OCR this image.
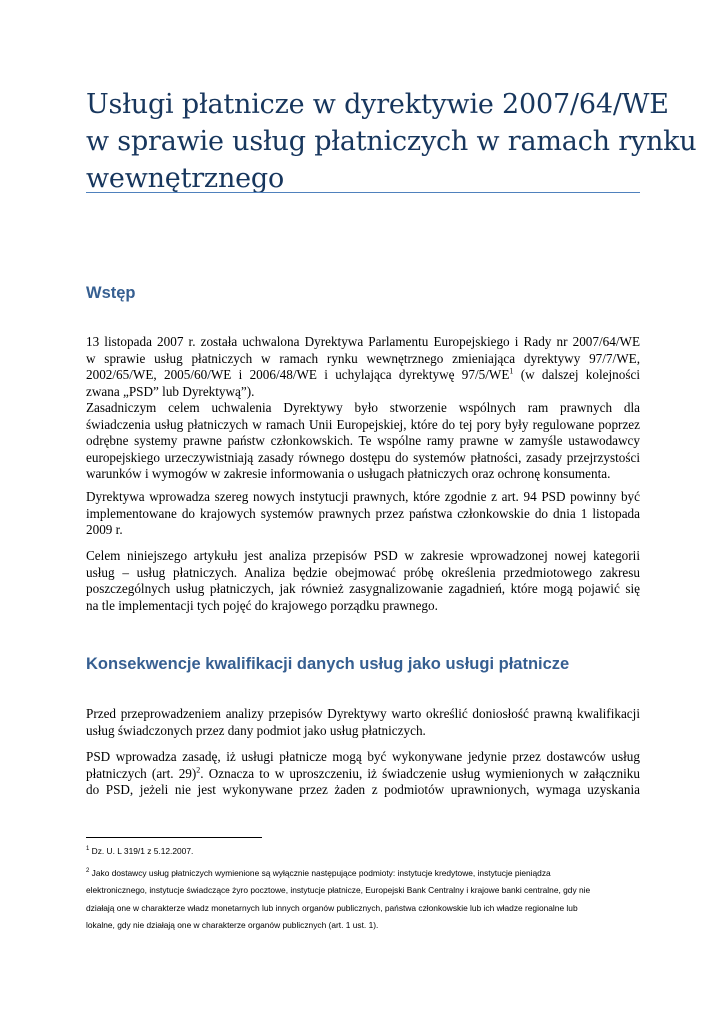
Usługi płatnicze w dyrektywie 2007/64/WE
w sprawie usług płatniczych w ramach rynku
wewnętrznego
Wstęp
13 listopada 2007 r. została uchwalona Dyrektywa Parlamentu Europejskiego i Rady nr 2007/64/WE
w sprawie usług płatniczych w ramach rynku wewnętrznego zmieniająca dyrektywy 97/7/WE,
2002/65/WE, 2005/60/WE i 2006/48/WE i uchylająca dyrektywę $97/5/WE^1$ (w dalszej kolejności
zwana „PSD” lub Dyrektywą”).
Zasadniczym celem uchwalenia Dyrektywy było stworzenie wspólnych ram prawnych dla
świadczenia usług płatniczych w ramach Unii Europejskiej, które do tej pory były regulowane poprzez
odrębne systemy prawne państw członkowskich. Te wspólne ramy prawne w zamyśle ustawodawcy
europejskiego urzeczywistniają zasady równego dostępu do systemów płatności, zasady przejrzystości
warunków i wymogów w zakresie informowania o usługach płatniczych oraz ochronę konsumenta.
Dyrektywa wprowadza szereg nowych instytucji prawnych, które zgodnie z art. 94 PSD powinny być
implementowane do krajowych systemów prawnych przez państwa członkowskie do dnia 1 listopada
2009 r.
Celem niniejszego artykułu jest analiza przepisów PSD w zakresie wprowadzonej nowej kategorii
usług – usług płatniczych. Analiza będzie obejmować próbę określenia przedmiotowego zakresu
poszczególnych usług płatniczych, jak również zasygnalizowanie zagadnień, które mogą pojawić się
na tle implementacji tych pojęć do krajowego porządku prawnego.
Konsekwencje kwalifikacji danych usług jako usługi płatnicze
Przed przeprowadzeniem analizy przepisów Dyrektywy warto określić doniosłość prawną kwalifikacji
usług świadczonych przez dany podmiot jako usług płatniczych.
PSD wprowadza zasadę, iż usługi płatnicze mogą być wykonywane jedynie przez dostawców usług
płatniczych (art. 29)$^2$. Oznacza to w uproszczeniu, iż świadczenie usług wymienionych w załączniku
do PSD, jeżeli nie jest wykonywane przez żaden z podmiotów uprawnionych, wymaga uzyskania
$^1$ Dz. U. L 319/1 z 5.12.2007.
$^2$ Jako dostawcy usług płatniczych wymienione są wyłącznie następujące podmioty: instytucje kredytowe, instytucje pieniądza
elektronicznego, instytucje świadczące żyro pocztowe, instytucje płatnicze, Europejski Bank Centralny i krajowe banki centralne, gdy nie
działają one w charakterze władz monetarnych lub innych organów publicznych, państwa członkowskie lub ich władze regionalne lub
lokalne, gdy nie działają one w charakterze organów publicznych (art. 1 ust. 1).
